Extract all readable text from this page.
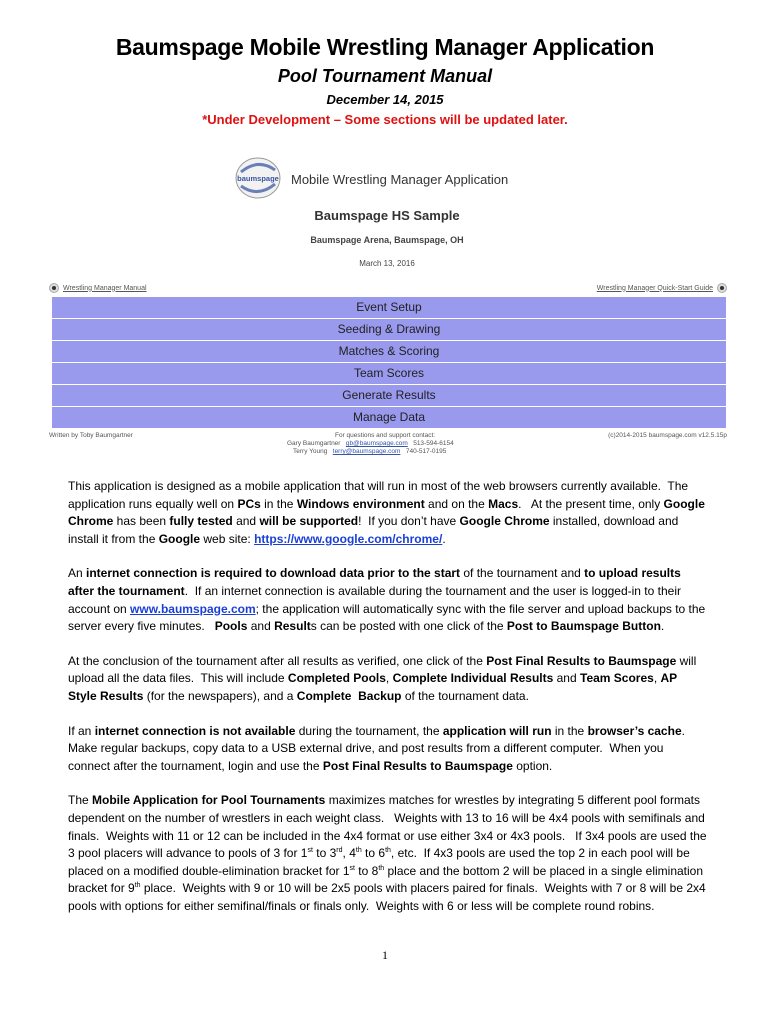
Baumspage Mobile Wrestling Manager Application
Pool Tournament Manual
December 14, 2015
*Under Development – Some sections will be updated later.
baumspage Mobile Wrestling Manager Application
Baumspage HS Sample
Baumspage Arena, Baumspage, OH
March 13, 2016
Wrestling Manager Manual	Wrestling Manager Quick-Start Guide
Event Setup
Seeding & Drawing
Matches & Scoring
Team Scores
Generate Results
Manage Data
Written by Toby Baumgartner	For questions and support contact:
Gary Baumgartner gb@baumspage.com 513-594-6154
Terry Young terry@baumspage.com 740-517-0195
(c)2014-2015 baumspage.com v12.5.15p

This application is designed as a mobile application that will run in most of the web browsers currently available.  The application runs equally well on PCs in the Windows environment and on the Macs.   At the present time, only Google Chrome has been fully tested and will be supported!  If you don’t have Google Chrome installed, download and install it from the Google web site: https://www.google.com/chrome/.

An internet connection is required to download data prior to the start of the tournament and to upload results after the tournament.  If an internet connection is available during the tournament and the user is logged-in to their account on www.baumspage.com; the application will automatically sync with the file server and upload backups to the server every five minutes.   Pools and Results can be posted with one click of the Post to Baumspage Button.

At the conclusion of the tournament after all results as verified, one click of the Post Final Results to Baumspage will upload all the data files.  This will include Completed Pools, Complete Individual Results and Team Scores, AP Style Results (for the newspapers), and a Complete  Backup of the tournament data.

If an internet connection is not available during the tournament, the application will run in the browser’s cache.  Make regular backups, copy data to a USB external drive, and post results from a different computer.  When you connect after the tournament, login and use the Post Final Results to Baumspage option.

The Mobile Application for Pool Tournaments maximizes matches for wrestles by integrating 5 different pool formats dependent on the number of wrestlers in each weight class.   Weights with 13 to 16 will be 4x4 pools with semifinals and finals.  Weights with 11 or 12 can be included in the 4x4 format or use either 3x4 or 4x3 pools.   If 3x4 pools are used the 3 pool placers will advance to pools of 3 for 1st to 3rd, 4th to 6th, etc.  If 4x3 pools are used the top 2 in each pool will be placed on a modified double-elimination bracket for 1st to 8th place and the bottom 2 will be placed in a single elimination bracket for 9th place.  Weights with 9 or 10 will be 2x5 pools with placers paired for finals.  Weights with 7 or 8 will be 2x4 pools with options for either semifinal/finals or finals only.  Weights with 6 or less will be complete round robins.

1
